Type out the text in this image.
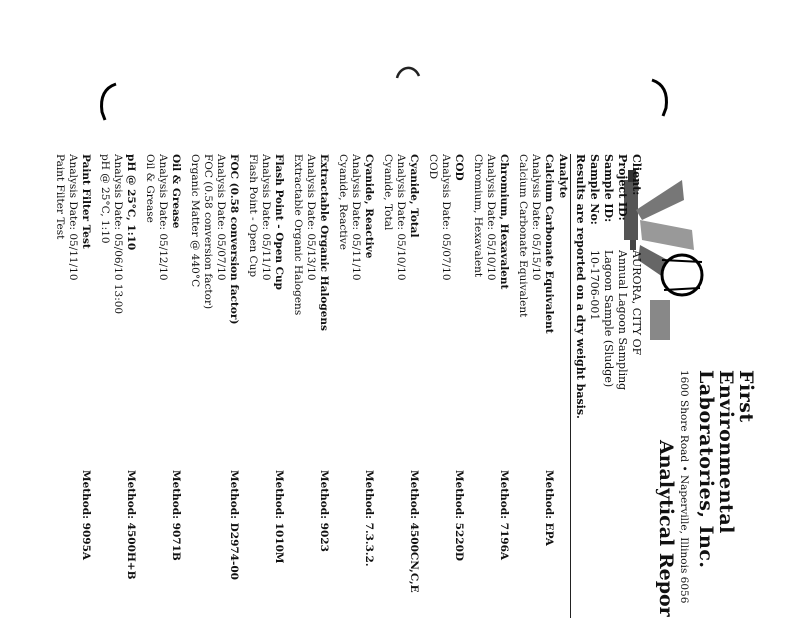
First
Environmental
Laboratories, Inc.
1600 Shore Road • Naperville, Illinois 6056
Analytical Repor
Client:
AURORA, CITY OF
Project ID:
Annual Lagoon Sampling
Sample ID:
Lagoon Sample (Sludge)
Sample No:
10-1706-001
Results are reported on a dry weight basis.
Analyte
Calcium Carbonate Equivalent
Method: EPA
Analysis Date: 05/15/10
Calcium Carbonate Equivalent
Chromium, Hexavalent
Method: 7196A
Analysis Date: 05/10/10
Chromium, Hexavalent
COD
Method: 5220D
Analysis Date: 05/07/10
COD
Cyanide, Total
Method: 4500CN,C,E
Analysis Date: 05/10/10
Cyanide, Total
Cyanide, Reactive
Method: 7.3.3.2.
Analysis Date: 05/11/10
Cyanide, Reactive
Extractable Organic Halogens
Method: 9023
Analysis Date: 05/13/10
Extractable Organic Halogens
Flash Point - Open Cup
Method: 1010M
Analysis Date: 05/11/10
Flash Point - Open Cup
FOC (0.58 conversion factor)
Method: D2974-00
Analysis Date: 05/07/10
FOC (0.58 conversion factor)
Organic Matter @ 440°C
Oil & Grease
Method: 9071B
Analysis Date: 05/12/10
Oil & Grease
pH @ 25°C, 1:10
Method: 4500H+B
Analysis Date: 05/06/10 13:00
pH @ 25°C, 1:10
Paint Filter Test
Method: 9095A
Analysis Date: 05/11/10
Paint Filter Test
